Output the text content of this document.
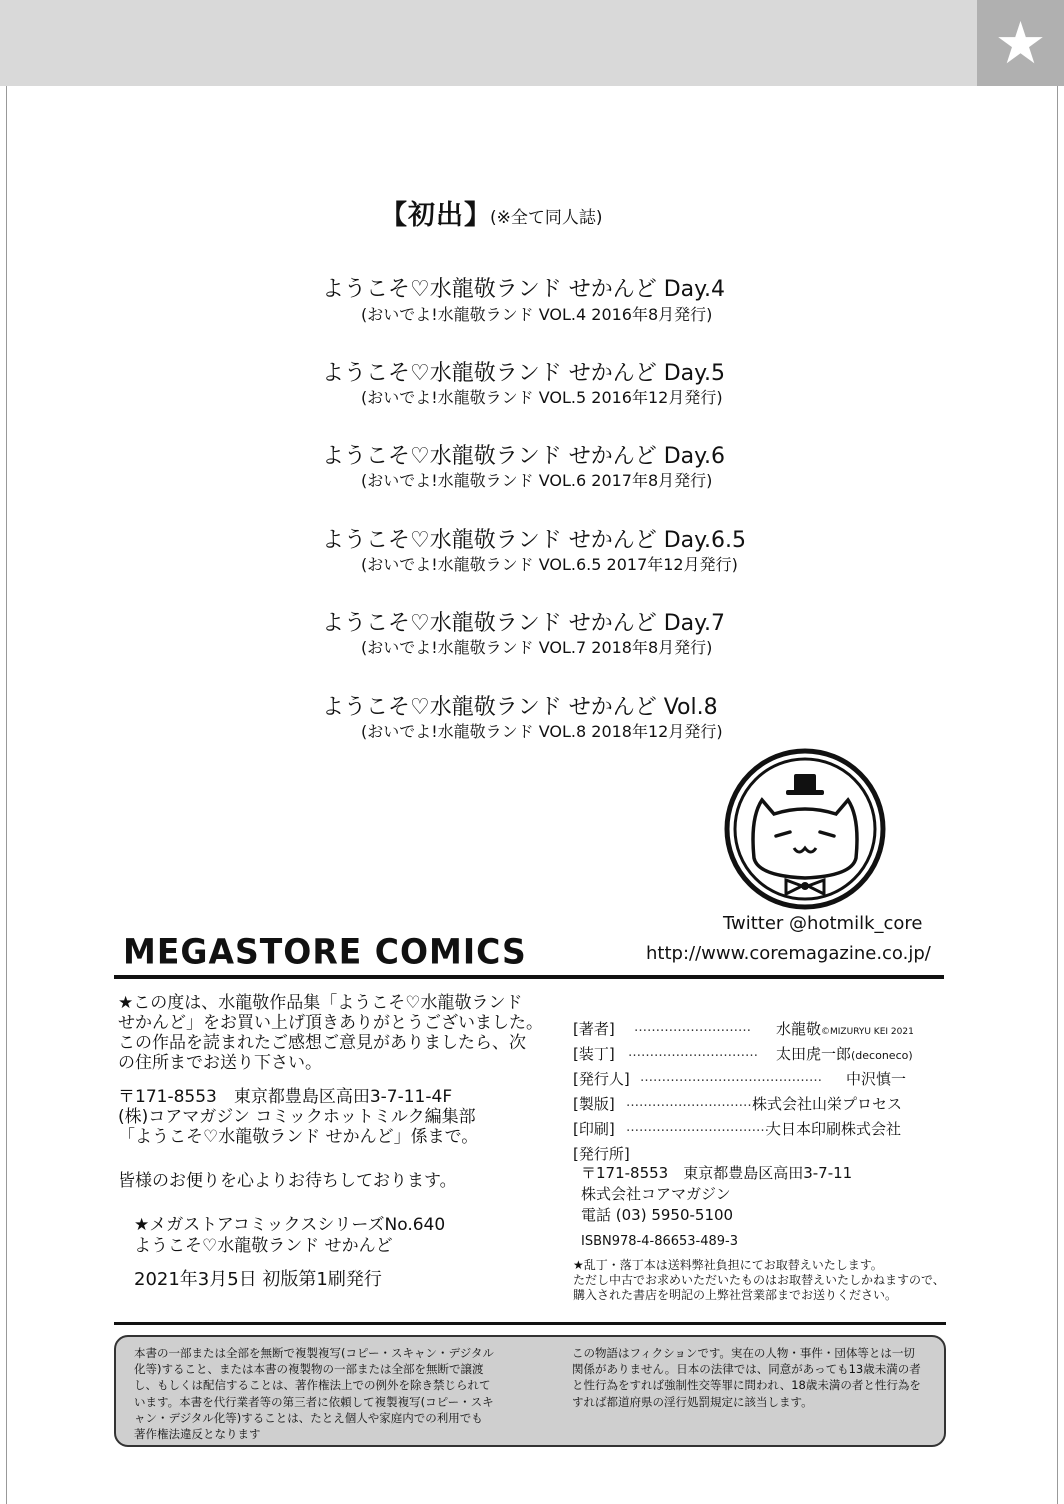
★
【初出】
(※全て同人誌)
ようこそ♡水龍敬ランド せかんど Day.4
(おいでよ!水龍敬ランド VOL.4 2016年8月発行)
ようこそ♡水龍敬ランド せかんど Day.5
(おいでよ!水龍敬ランド VOL.5 2016年12月発行)
ようこそ♡水龍敬ランド せかんど Day.6
(おいでよ!水龍敬ランド VOL.6 2017年8月発行)
ようこそ♡水龍敬ランド せかんど Day.6.5
(おいでよ!水龍敬ランド VOL.6.5 2017年12月発行)
ようこそ♡水龍敬ランド せかんど Day.7
(おいでよ!水龍敬ランド VOL.7 2018年8月発行)
ようこそ♡水龍敬ランド せかんど Vol.8
(おいでよ!水龍敬ランド VOL.8 2018年12月発行)
Twitter @hotmilk_core
http://www.coremagazine.co.jp/
MEGASTORE COMICS
★この度は、水龍敬作品集「ようこそ♡水龍敬ランド
せかんど」をお買い上げ頂きありがとうございました。
この作品を読まれたご感想ご意見がありましたら、次
の住所までお送り下さい。
〒171-8553　東京都豊島区高田3-7-11-4F
(株)コアマガジン コミックホットミルク編集部
「ようこそ♡水龍敬ランド せかんど」係まで。
皆様のお便りを心よりお待ちしております。
★メガストアコミックスシリーズNo.640
ようこそ♡水龍敬ランド せかんど
2021年3月5日 初版第1刷発行
[著者] ……………………… 水龍敬©MIZURYU KEI 2021
[装丁] ………………………… 太田虎一郎(deconeco)
[発行人] …………………………………… 中沢慎一
[製版] …………………………
株式会社山栄プロセス
[印刷] ……………………………
大日本印刷株式会社
[発行所]
〒171-8553　東京都豊島区高田3-7-11
株式会社コアマガジン
電話 (03) 5950-5100
ISBN978-4-86653-489-3
★乱丁・落丁本は送料弊社負担にてお取替えいたします。
ただし中古でお求めいただいたものはお取替えいたしかねますので、
購入された書店を明記の上弊社営業部までお送りください。
本書の一部または全部を無断で複製複写(コピー・スキャン・デジタル化等)すること、または本書の複製物の一部または全部を無断で譲渡し、もしくは配信することは、著作権法上での例外を除き禁じられています。本書を代行業者等の第三者に依頼して複製複写(コピー・スキャン・デジタル化等)することは、たとえ個人や家庭内での利用でも著作権法違反となります
この物語はフィクションです。実在の人物・事件・団体等とは一切関係がありません。日本の法律では、同意があっても13歳未満の者と性行為をすれば強制性交等罪に問われ、18歳未満の者と性行為をすれば都道府県の淫行処罰規定に該当します。
